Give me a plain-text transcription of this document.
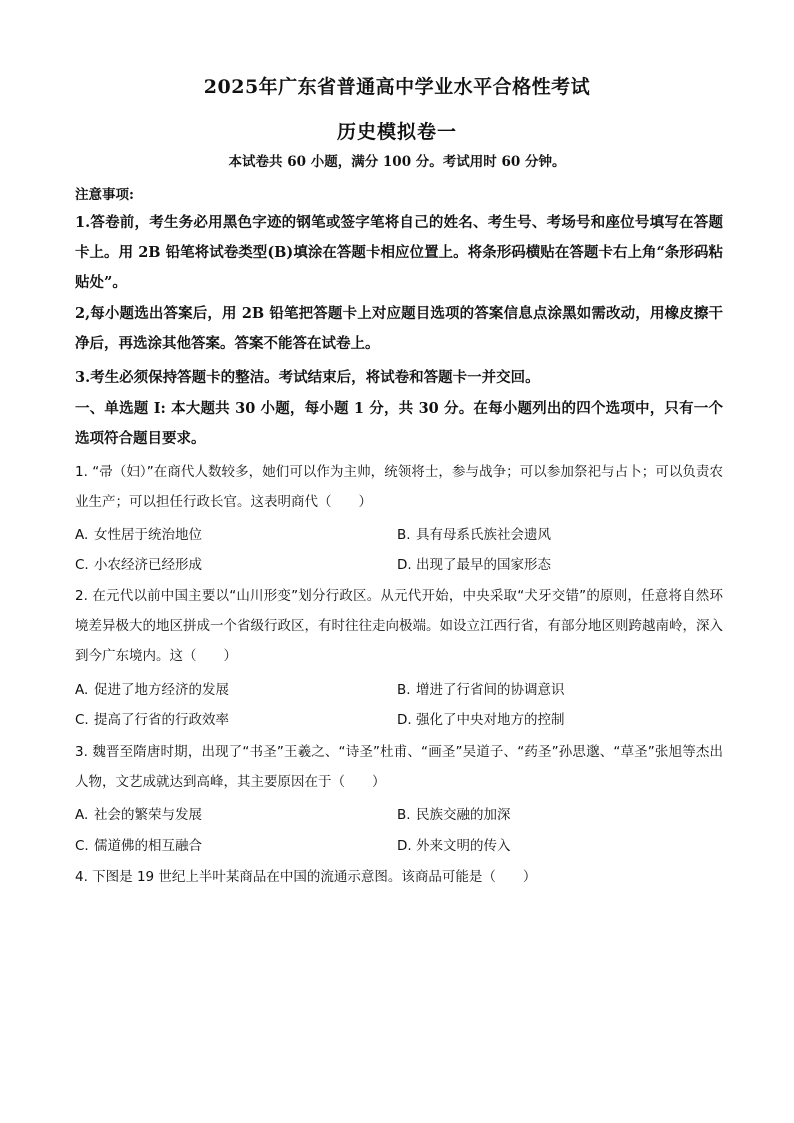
2025年广东省普通高中学业水平合格性考试
历史模拟卷一
本试卷共 60 小题，满分 100 分。考试用时 60 分钟。
注意事项:
1.答卷前，考生务必用黑色字迹的钢笔或签字笔将自己的姓名、考生号、考场号和座位号填写在答题卡上。用 2B 铅笔将试卷类型(B)填涂在答题卡相应位置上。将条形码横贴在答题卡右上角“条形码粘贴处”。
2,每小题选出答案后，用 2B 铅笔把答题卡上对应题目选项的答案信息点涂黑如需改动，用橡皮擦干净后，再选涂其他答案。答案不能答在试卷上。
3.考生必须保持答题卡的整洁。考试结束后，将试卷和答题卡一并交回。
一、单选题 I: 本大题共 30 小题，每小题 1 分，共 30 分。在每小题列出的四个选项中，只有一个选项符合题目要求。
1. “帚（妇）”在商代人数较多，她们可以作为主帅，统领将士，参与战争；可以参加祭祀与占卜；可以负责农业生产；可以担任行政长官。这表明商代（　　）
A. 女性居于统治地位	B. 具有母系氏族社会遗风
C. 小农经济已经形成	D. 出现了最早的国家形态
2. 在元代以前中国主要以“山川形变”划分行政区。从元代开始，中央采取“犬牙交错”的原则，任意将自然环境差异极大的地区拼成一个省级行政区，有时往往走向极端。如设立江西行省，有部分地区则跨越南岭，深入到今广东境内。这（　　）
A. 促进了地方经济的发展	B. 增进了行省间的协调意识
C. 提高了行省的行政效率	D. 强化了中央对地方的控制
3. 魏晋至隋唐时期，出现了“书圣”王羲之、“诗圣”杜甫、“画圣”吴道子、“药圣”孙思邈、“草圣”张旭等杰出人物，文艺成就达到高峰，其主要原因在于（　　）
A. 社会的繁荣与发展	B. 民族交融的加深
C. 儒道佛的相互融合	D. 外来文明的传入
4. 下图是 19 世纪上半叶某商品在中国的流通示意图。该商品可能是（　　）
